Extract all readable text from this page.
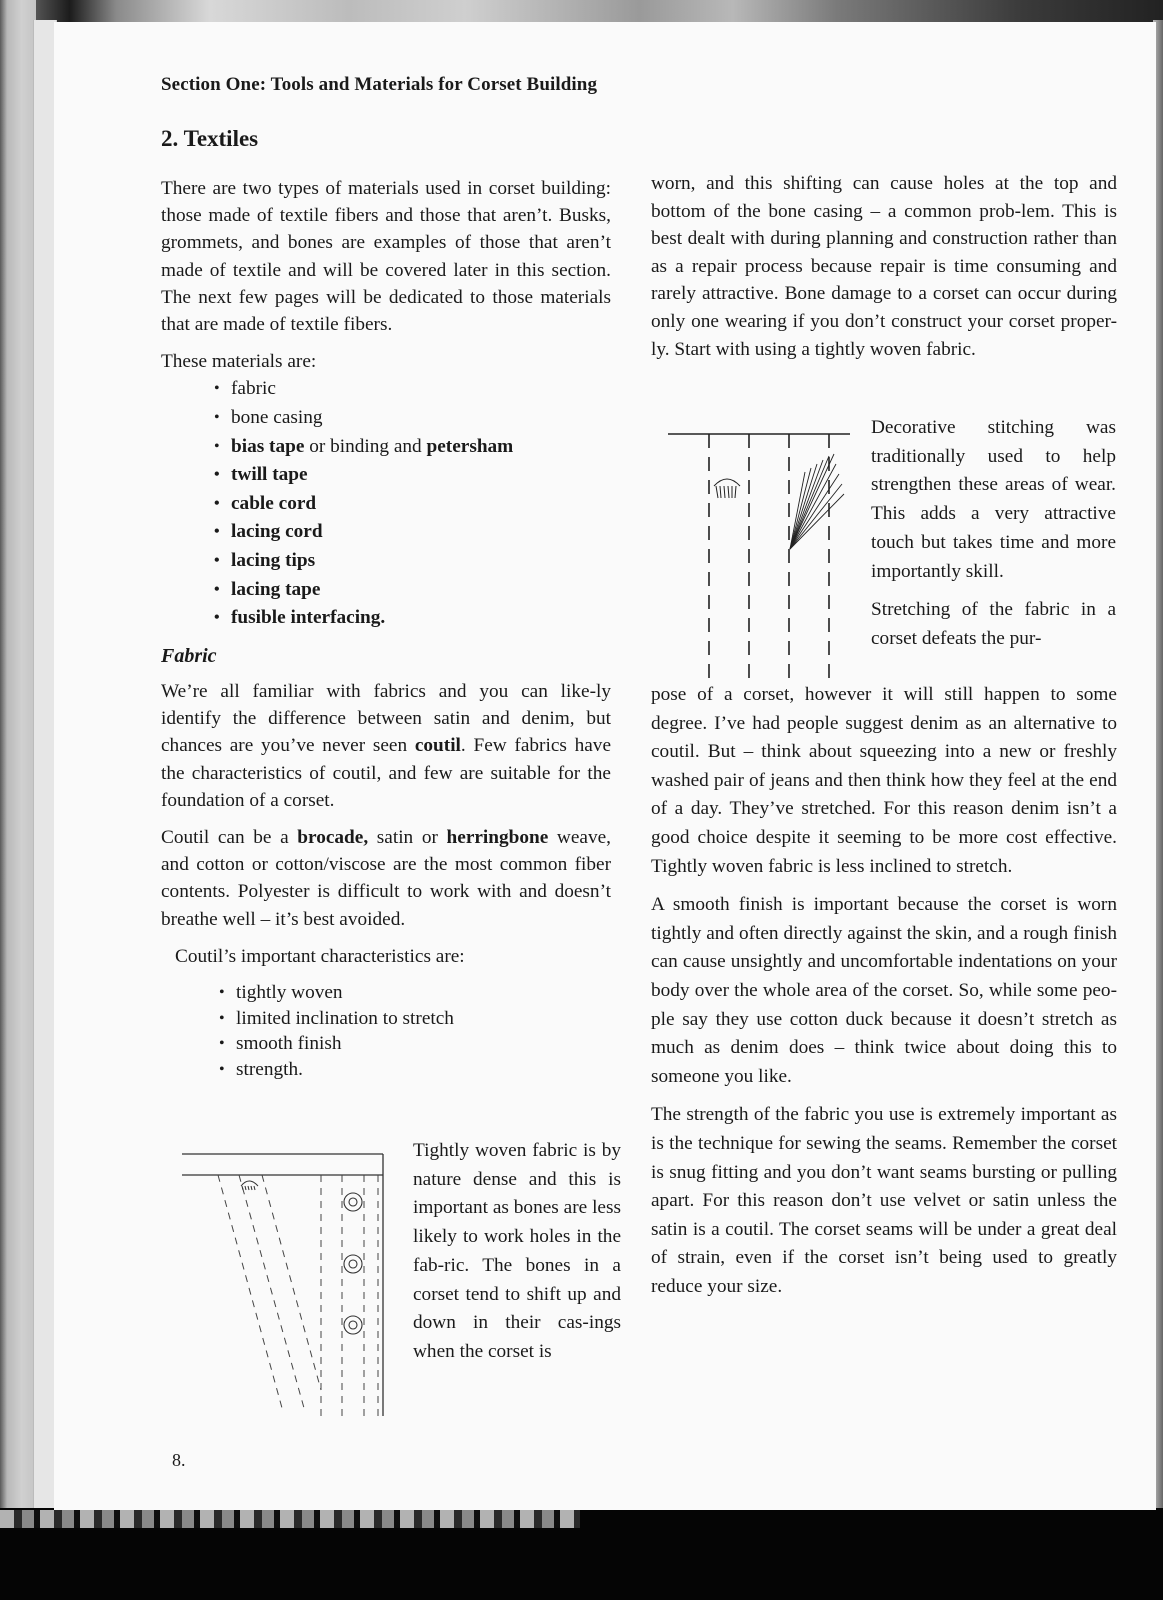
Section One: Tools and Materials for Corset Building
2. Textiles

There are two types of materials used in corset building: those made of textile fibers and those that aren’t. Busks, grommets, and bones are examples of those that aren’t made of textile and will be covered later in this section. The next few pages will be dedicated to those materials that are made of textile fibers.

These materials are:

• fabric
• bone casing
• bias tape or binding and petersham
• twill tape
• cable cord
• lacing cord
• lacing tips
• lacing tape
• fusible interfacing.
Fabric

We’re all familiar with fabrics and you can like-ly identify the difference between satin and denim, but chances are you’ve never seen coutil. Few fabrics have the characteristics of coutil, and few are suitable for the foundation of a corset.

Coutil can be a brocade, satin or herringbone weave, and cotton or cotton/viscose are the most common fiber contents. Polyester is difficult to work with and doesn’t breathe well – it’s best avoided.

Coutil’s important characteristics are:

• tightly woven
• limited inclination to stretch
• smooth finish
• strength.
Tightly woven fabric is by nature dense and this is important as bones are less likely to work holes in the fab-ric. The bones in a corset tend to shift up and down in their cas-ings when the corset is
worn, and this shifting can cause holes at the top and bottom of the bone casing – a common prob-lem. This is best dealt with during planning and construction rather than as a repair process because repair is time consuming and rarely attractive. Bone damage to a corset can occur during only one wearing if you don’t construct your corset proper-ly. Start with using a tightly woven fabric.

Decorative stitching was traditionally used to help strengthen these areas of wear. This adds a very attractive touch but takes time and more importantly skill.

Stretching of the fabric in a corset defeats the pur-

pose of a corset, however it will still happen to some degree. I’ve had people suggest denim as an alternative to coutil. But – think about squeezing into a new or freshly washed pair of jeans and then think how they feel at the end of a day. They’ve stretched. For this reason denim isn’t a good choice despite it seeming to be more cost effective. Tightly woven fabric is less inclined to stretch.

A smooth finish is important because the corset is worn tightly and often directly against the skin, and a rough finish can cause unsightly and uncomfortable indentations on your body over the whole area of the corset. So, while some peo-ple say they use cotton duck because it doesn’t stretch as much as denim does – think twice about doing this to someone you like.

The strength of the fabric you use is extremely important as is the technique for sewing the seams. Remember the corset is snug fitting and you don’t want seams bursting or pulling apart. For this reason don’t use velvet or satin unless the satin is a coutil. The corset seams will be under a great deal of strain, even if the corset isn’t being used to greatly reduce your size.

8.
